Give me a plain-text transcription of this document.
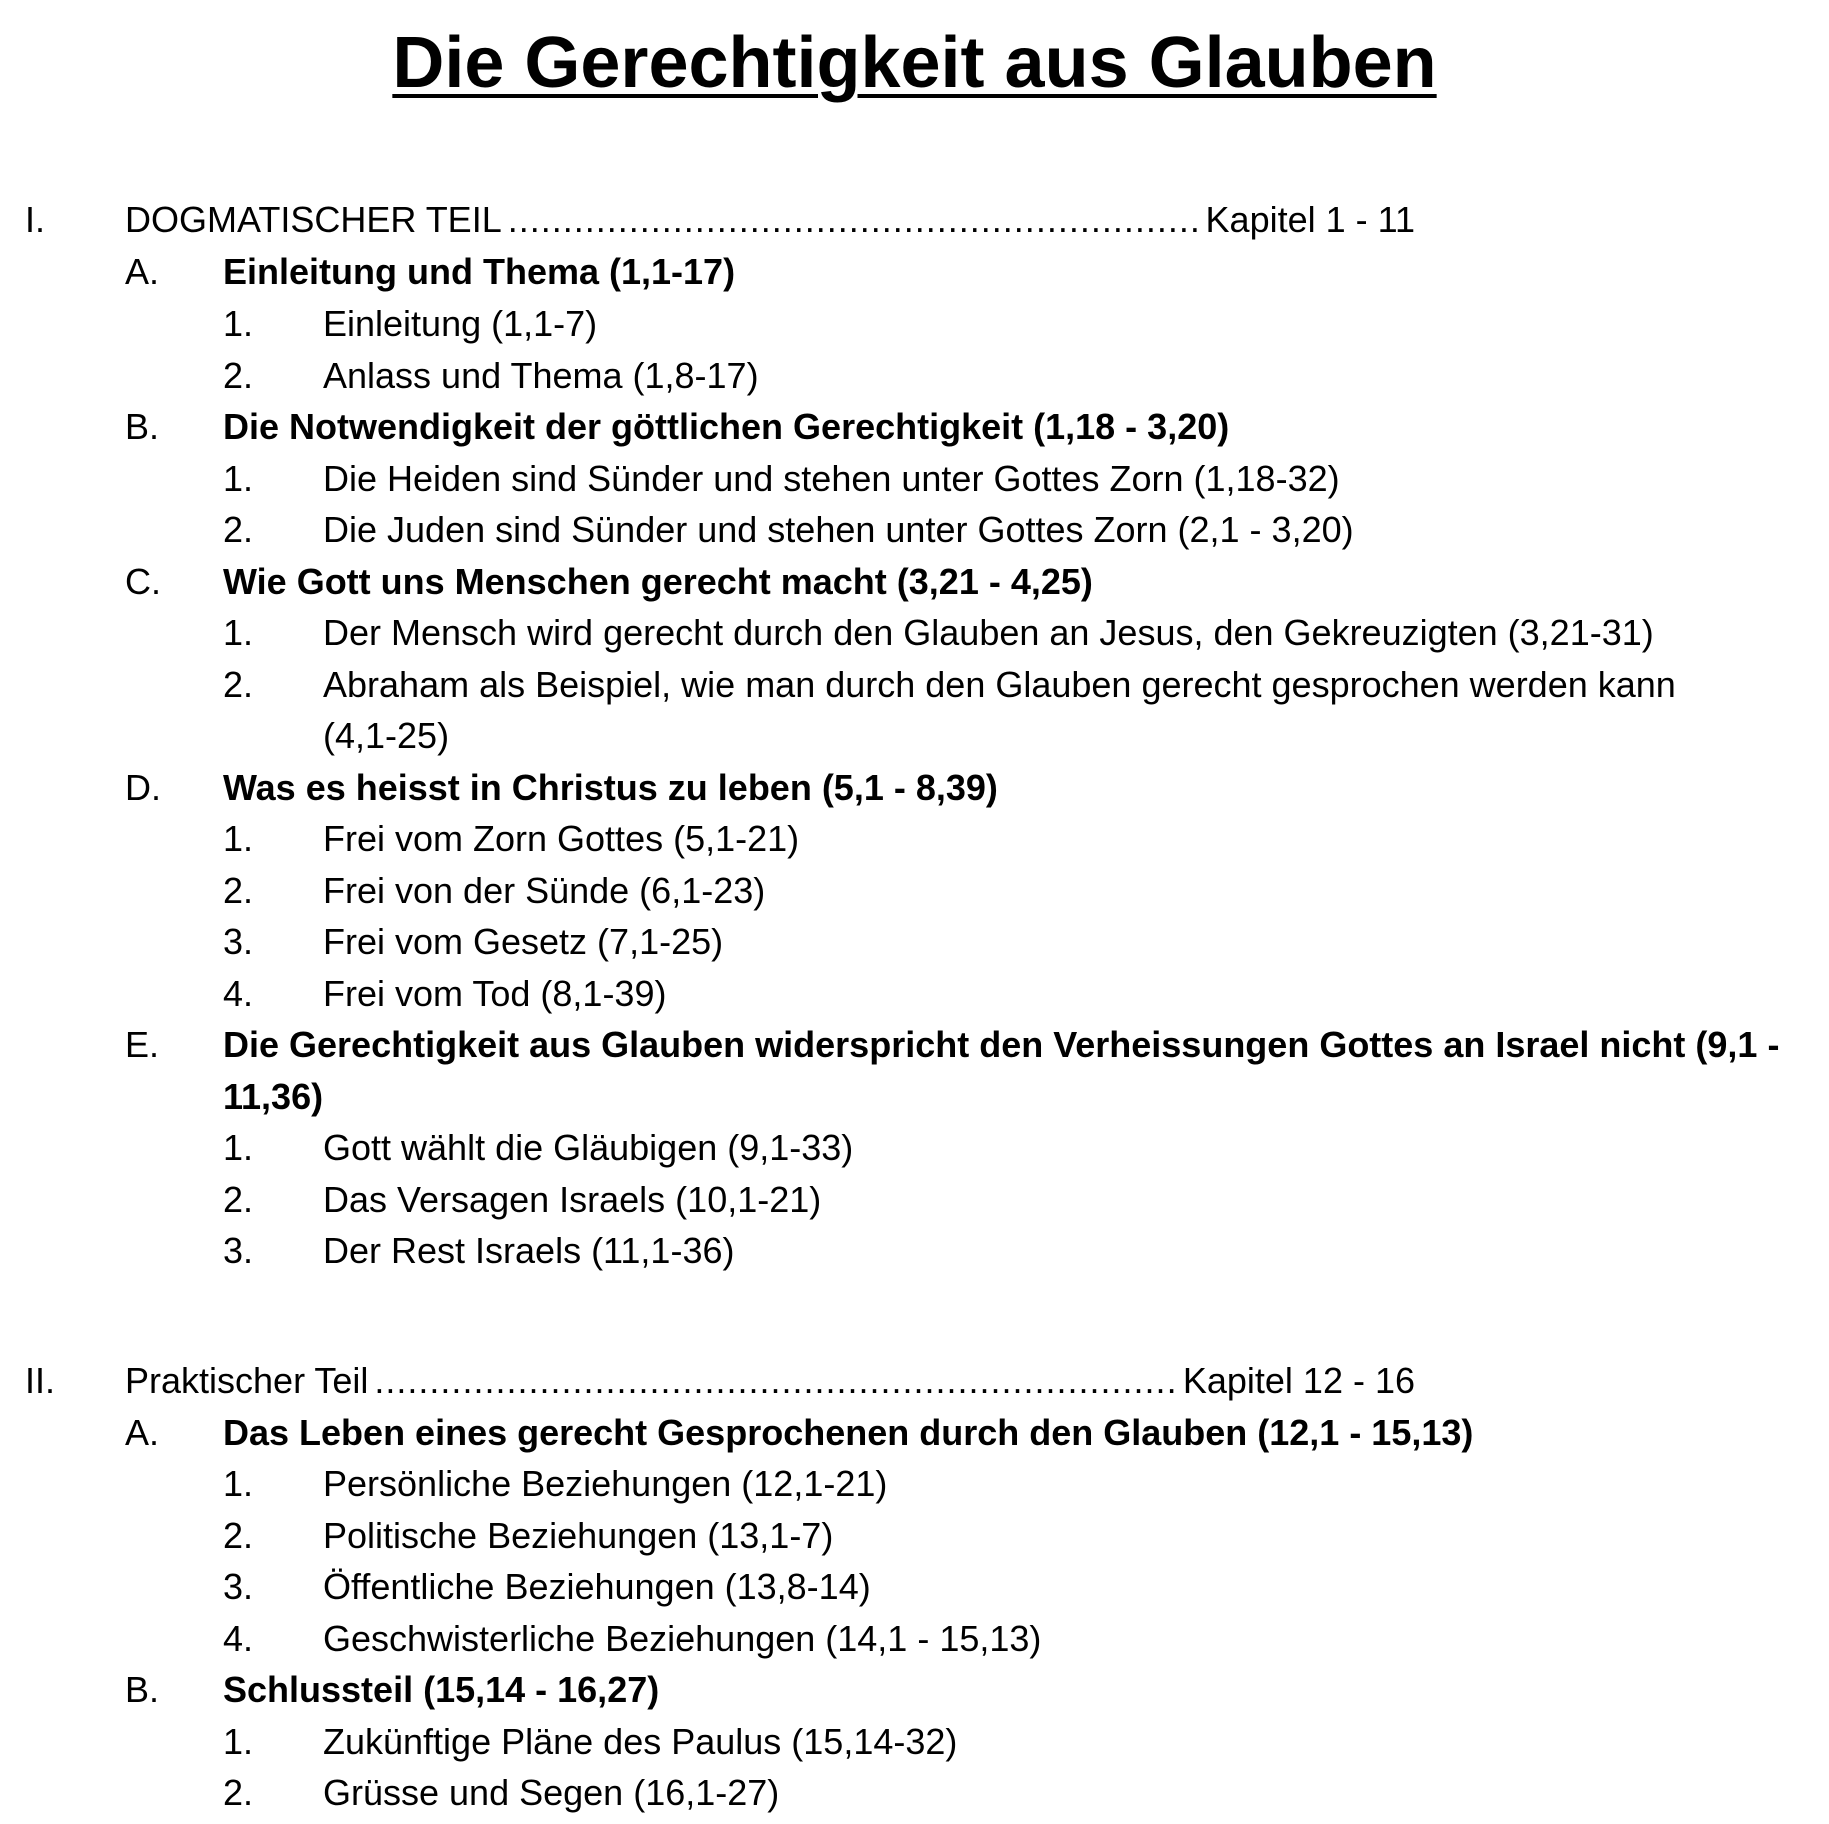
Die Gerechtigkeit aus Glauben
I. DOGMATISCHER TEIL .....	Kapitel 1 - 11
A. Einleitung und Thema (1,1-17)
1. Einleitung (1,1-7)
2. Anlass und Thema (1,8-17)
B. Die Notwendigkeit der göttlichen Gerechtigkeit (1,18 - 3,20)
1. Die Heiden sind Sünder und stehen unter Gottes Zorn (1,18-32)
2. Die Juden sind Sünder und stehen unter Gottes Zorn (2,1 - 3,20)
C. Wie Gott uns Menschen gerecht macht (3,21 - 4,25)
1. Der Mensch wird gerecht durch den Glauben an Jesus, den Gekreuzigten (3,21-31)
2. Abraham als Beispiel, wie man durch den Glauben gerecht gesprochen werden kann
(4,1-25)
D. Was es heisst in Christus zu leben (5,1 - 8,39)
1. Frei vom Zorn Gottes (5,1-21)
2. Frei von der Sünde (6,1-23)
3. Frei vom Gesetz (7,1-25)
4. Frei vom Tod (8,1-39)
E. Die Gerechtigkeit aus Glauben widerspricht den Verheissungen Gottes an Israel nicht (9,1 -
11,36)
1. Gott wählt die Gläubigen (9,1-33)
2. Das Versagen Israels (10,1-21)
3. Der Rest Israels (11,1-36)
II. Praktischer Teil .....	Kapitel 12 - 16
A. Das Leben eines gerecht Gesprochenen durch den Glauben (12,1 - 15,13)
1. Persönliche Beziehungen (12,1-21)
2. Politische Beziehungen (13,1-7)
3. Öffentliche Beziehungen (13,8-14)
4. Geschwisterliche Beziehungen (14,1 - 15,13)
B. Schlussteil (15,14 - 16,27)
1. Zukünftige Pläne des Paulus (15,14-32)
2. Grüsse und Segen (16,1-27)
